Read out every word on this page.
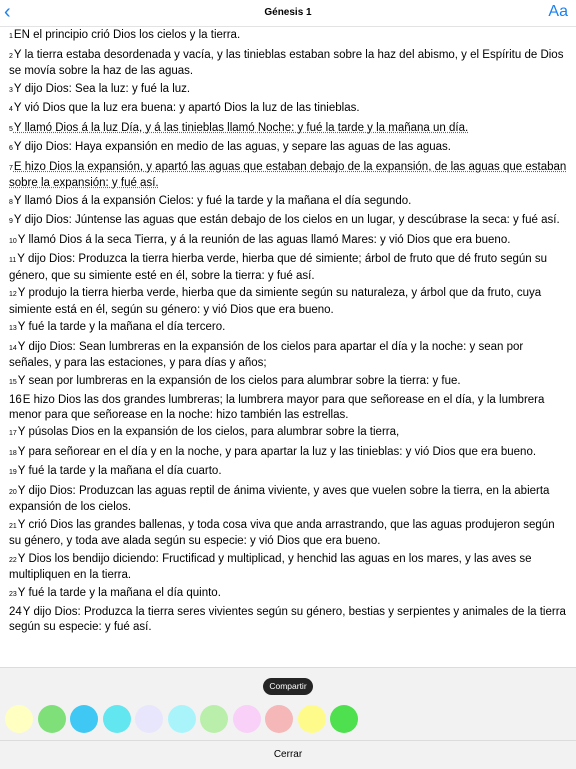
‹	Génesis 1	Aa
1EN el principio crió Dios los cielos y la tierra.
2Y la tierra estaba desordenada y vacía, y las tinieblas estaban sobre la haz del abismo, y el Espíritu de Dios se movía sobre la haz de las aguas.
3Y dijo Dios: Sea la luz: y fué la luz.
4Y vió Dios que la luz era buena: y apartó Dios la luz de las tinieblas.
5Y llamó Dios á la luz Día, y á las tinieblas llamó Noche: y fué la tarde y la mañana un día.
6Y dijo Dios: Haya expansión en medio de las aguas, y separe las aguas de las aguas.
7E hizo Dios la expansión, y apartó las aguas que estaban debajo de la expansión, de las aguas que estaban sobre la expansión: y fué así.
8Y llamó Dios á la expansión Cielos: y fué la tarde y la mañana el día segundo.
9Y dijo Dios: Júntense las aguas que están debajo de los cielos en un lugar, y descúbrase la seca: y fué así.
10Y llamó Dios á la seca Tierra, y á la reunión de las aguas llamó Mares: y vió Dios que era bueno.
11Y dijo Dios: Produzca la tierra hierba verde, hierba que dé simiente; árbol de fruto que dé fruto según su género, que su simiente esté en él, sobre la tierra: y fué así.
12Y produjo la tierra hierba verde, hierba que da simiente según su naturaleza, y árbol que da fruto, cuya simiente está en él, según su género: y vió Dios que era bueno.
13Y fué la tarde y la mañana el día tercero.
14Y dijo Dios: Sean lumbreras en la expansión de los cielos para apartar el día y la noche: y sean por señales, y para las estaciones, y para días y años;
15Y sean por lumbreras en la expansión de los cielos para alumbrar sobre la tierra: y fue.
16E hizo Dios las dos grandes lumbreras; la lumbrera mayor para que señorease en el día, y la lumbrera menor para que señorease en la noche: hizo también las estrellas.
17Y púsolas Dios en la expansión de los cielos, para alumbrar sobre la tierra,
18Y para señorear en el día y en la noche, y para apartar la luz y las tinieblas: y vió Dios que era bueno.
19Y fué la tarde y la mañana el día cuarto.
20Y dijo Dios: Produzcan las aguas reptil de ánima viviente, y aves que vuelen sobre la tierra, en la abierta expansión de los cielos.
21Y crió Dios las grandes ballenas, y toda cosa viva que anda arrastrando, que las aguas produjeron según su género, y toda ave alada según su especie: y vió Dios que era bueno.
22Y Dios los bendijo diciendo: Fructificad y multiplicad, y henchid las aguas en los mares, y las aves se multipliquen en la tierra.
23Y fué la tarde y la mañana el día quinto.
24Y dijo Dios: Produzca la tierra seres vivientes según su género, bestias y serpientes y animales de la tierra según su especie: y fué así.
Compartir
Cerrar
